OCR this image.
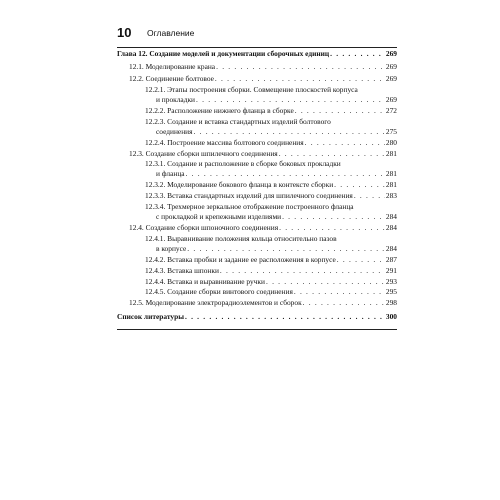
10 Оглавление
Глава 12. Создание моделей и документации сборочных единиц . . .	269
12.1. Моделирование крана . . .	269
12.2. Соединение болтовое . . .	269
12.2.1. Этапы построения сборки. Совмещение плоскостей корпуса
и прокладки . . .	269
12.2.2. Расположение нижнего фланца в сборке . . .	272
12.2.3. Создание и вставка стандартных изделий болтового
соединения . . .	275
12.2.4. Построение массива болтового соединения . . .	280
12.3. Создание сборки шпилечного соединения . . .	281
12.3.1. Создание и расположение в сборке боковых прокладки
и фланца . . .	281
12.3.2. Моделирование бокового фланца в контексте сборки . . .	281
12.3.3. Вставка стандартных изделий для шпилечного соединения . . .	283
12.3.4. Трехмерное зеркальное отображение построенного фланца
с прокладкой и крепежными изделиями . . .	284
12.4. Создание сборки шпоночного соединения . . .	284
12.4.1. Выравнивание положения кольца относительно пазов
в корпусе . . .	284
12.4.2. Вставка пробки и задание ее расположения в корпусе . . .	287
12.4.3. Вставка шпонки . . .	291
12.4.4. Вставка и выравнивание ручки . . .	293
12.4.5. Создание сборки винтового соединения . . .	295
12.5. Моделирование электрорадиоэлементов и сборок . . .	298
Список литературы . . .	300
